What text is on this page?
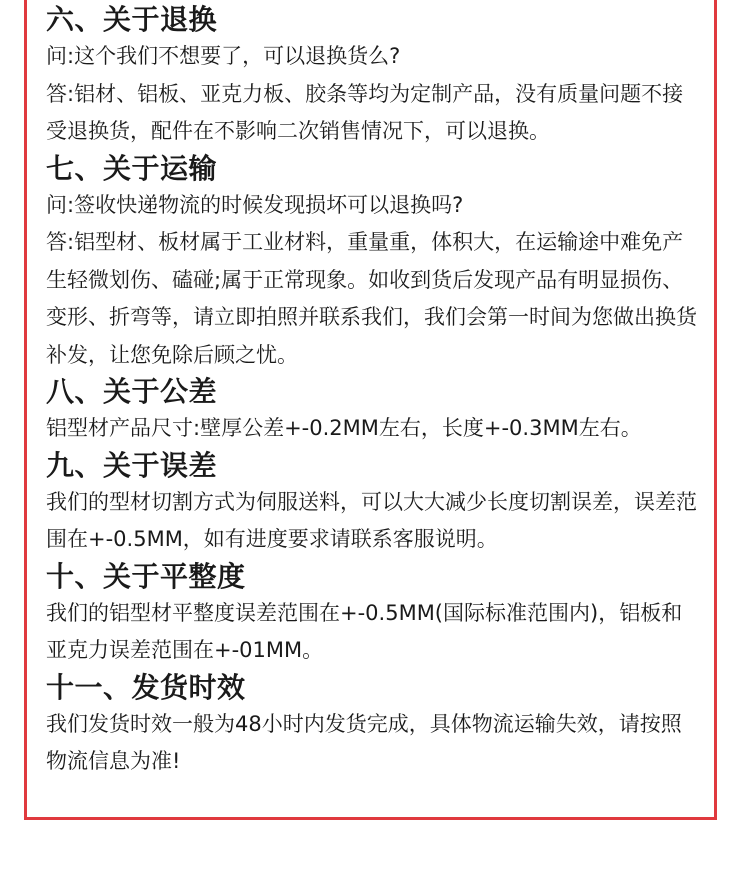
六、关于退换

问:这个我们不想要了，可以退换货么?

答:铝材、铝板、亚克力板、胶条等均为定制产品，没有质量问题不接受退换货，配件在不影响二次销售情况下，可以退换。

七、关于运输

问:签收快递物流的时候发现损坏可以退换吗?

答:铝型材、板材属于工业材料，重量重，体积大，在运输途中难免产生轻微划伤、磕碰;属于正常现象。如收到货后发现产品有明显损伤、变形、折弯等，请立即拍照并联系我们，我们会第一时间为您做出换货补发，让您免除后顾之忧。

八、关于公差

铝型材产品尺寸:壁厚公差+-0.2MM左右，长度+-0.3MM左右。

九、关于误差

我们的型材切割方式为伺服送料，可以大大减少长度切割误差，误差范围在+-0.5MM，如有进度要求请联系客服说明。

十、关于平整度

我们的铝型材平整度误差范围在+-0.5MM(国际标准范围内)，铝板和亚克力误差范围在+-01MM。

十一、发货时效

我们发货时效一般为48小时内发货完成，具体物流运输失效，请按照物流信息为准!
